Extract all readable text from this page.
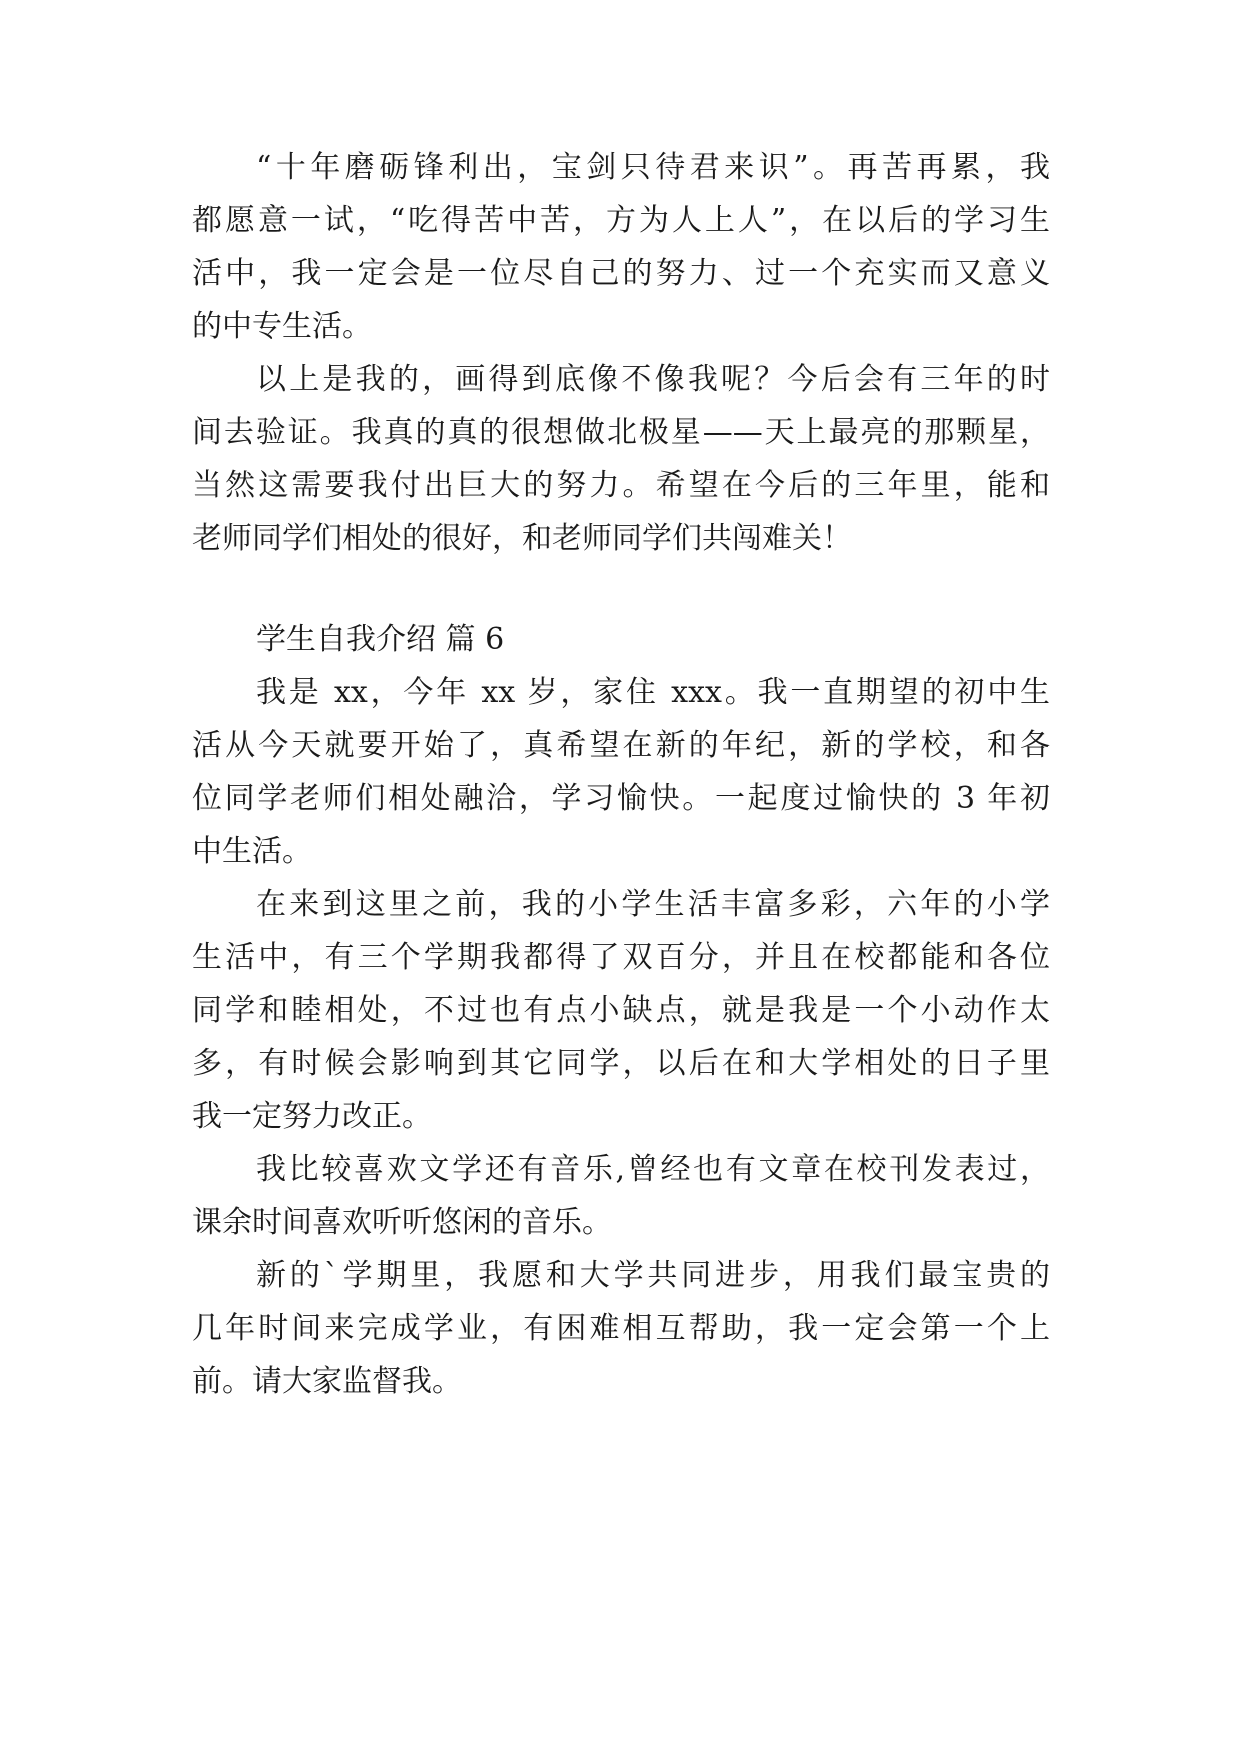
“十年磨砺锋利出，宝剑只待君来识”。再苦再累，我
都愿意一试，“吃得苦中苦，方为人上人”，在以后的学习生
活中，我一定会是一位尽自己的努力、过一个充实而又意义
的中专生活。
以上是我的，画得到底像不像我呢？今后会有三年的时
间去验证。我真的真的很想做北极星——天上最亮的那颗星，
当然这需要我付出巨大的努力。希望在今后的三年里，能和
老师同学们相处的很好，和老师同学们共闯难关！
学生自我介绍 篇 6
我是 xx，今年 xx 岁，家住 xxx。我一直期望的初中生
活从今天就要开始了，真希望在新的年纪，新的学校，和各
位同学老师们相处融洽，学习愉快。一起度过愉快的 3 年初
中生活。
在来到这里之前，我的小学生活丰富多彩，六年的小学
生活中，有三个学期我都得了双百分，并且在校都能和各位
同学和睦相处，不过也有点小缺点，就是我是一个小动作太
多，有时候会影响到其它同学，以后在和大学相处的日子里
我一定努力改正。
我比较喜欢文学还有音乐,曾经也有文章在校刊发表过，
课余时间喜欢听听悠闲的音乐。
新的`学期里，我愿和大学共同进步，用我们最宝贵的
几年时间来完成学业，有困难相互帮助，我一定会第一个上
前。请大家监督我。
